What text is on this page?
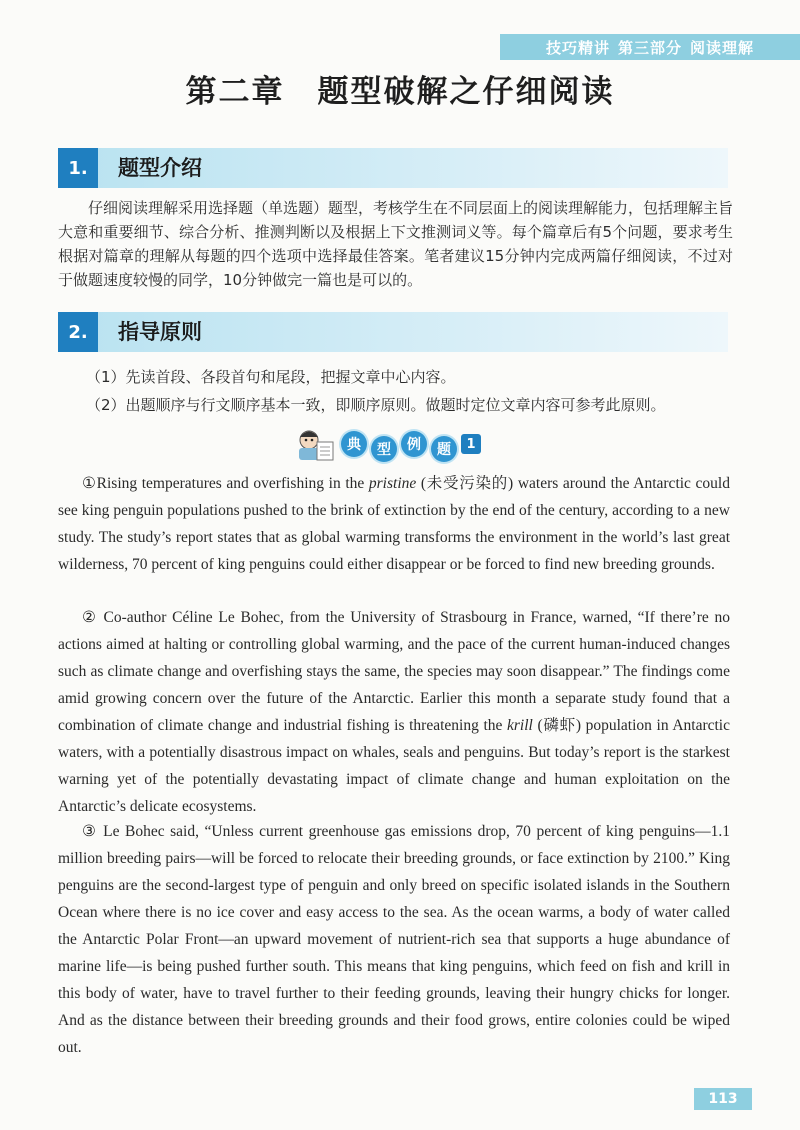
技巧精讲 第三部分 阅读理解
第二章　题型破解之仔细阅读
1.	题型介绍
仔细阅读理解采用选择题（单选题）题型，考核学生在不同层面上的阅读理解能力，包括理解主旨大意和重要细节、综合分析、推测判断以及根据上下文推测词义等。每个篇章后有5个问题，要求考生根据对篇章的理解从每题的四个选项中选择最佳答案。笔者建议15分钟内完成两篇仔细阅读，不过对于做题速度较慢的同学，10分钟做完一篇也是可以的。
2.	指导原则
（1）先读首段、各段首句和尾段，把握文章中心内容。
（2）出题顺序与行文顺序基本一致，即顺序原则。做题时定位文章内容可参考此原则。
典	型	例	题	1
①Rising temperatures and overfishing in the pristine (未受污染的) waters around the Antarctic could see king penguin populations pushed to the brink of extinction by the end of the century, according to a new study. The study’s report states that as global warming transforms the environment in the world’s last great wilderness, 70 percent of king penguins could either disappear or be forced to find new breeding grounds.
② Co-author Céline Le Bohec, from the University of Strasbourg in France, warned, “If there’re no actions aimed at halting or controlling global warming, and the pace of the current human-induced changes such as climate change and overfishing stays the same, the species may soon disappear.” The findings come amid growing concern over the future of the Antarctic. Earlier this month a separate study found that a combination of climate change and industrial fishing is threatening the krill (磷虾) population in Antarctic waters, with a potentially disastrous impact on whales, seals and penguins. But today’s report is the starkest warning yet of the potentially devastating impact of climate change and human exploitation on the Antarctic’s delicate ecosystems.
③ Le Bohec said, “Unless current greenhouse gas emissions drop, 70 percent of king penguins—1.1 million breeding pairs—will be forced to relocate their breeding grounds, or face extinction by 2100.” King penguins are the second-largest type of penguin and only breed on specific isolated islands in the Southern Ocean where there is no ice cover and easy access to the sea. As the ocean warms, a body of water called the Antarctic Polar Front—an upward movement of nutrient-rich sea that supports a huge abundance of marine life—is being pushed further south. This means that king penguins, which feed on fish and krill in this body of water, have to travel further to their feeding grounds, leaving their hungry chicks for longer. And as the distance between their breeding grounds and their food grows, entire colonies could be wiped out.
113
